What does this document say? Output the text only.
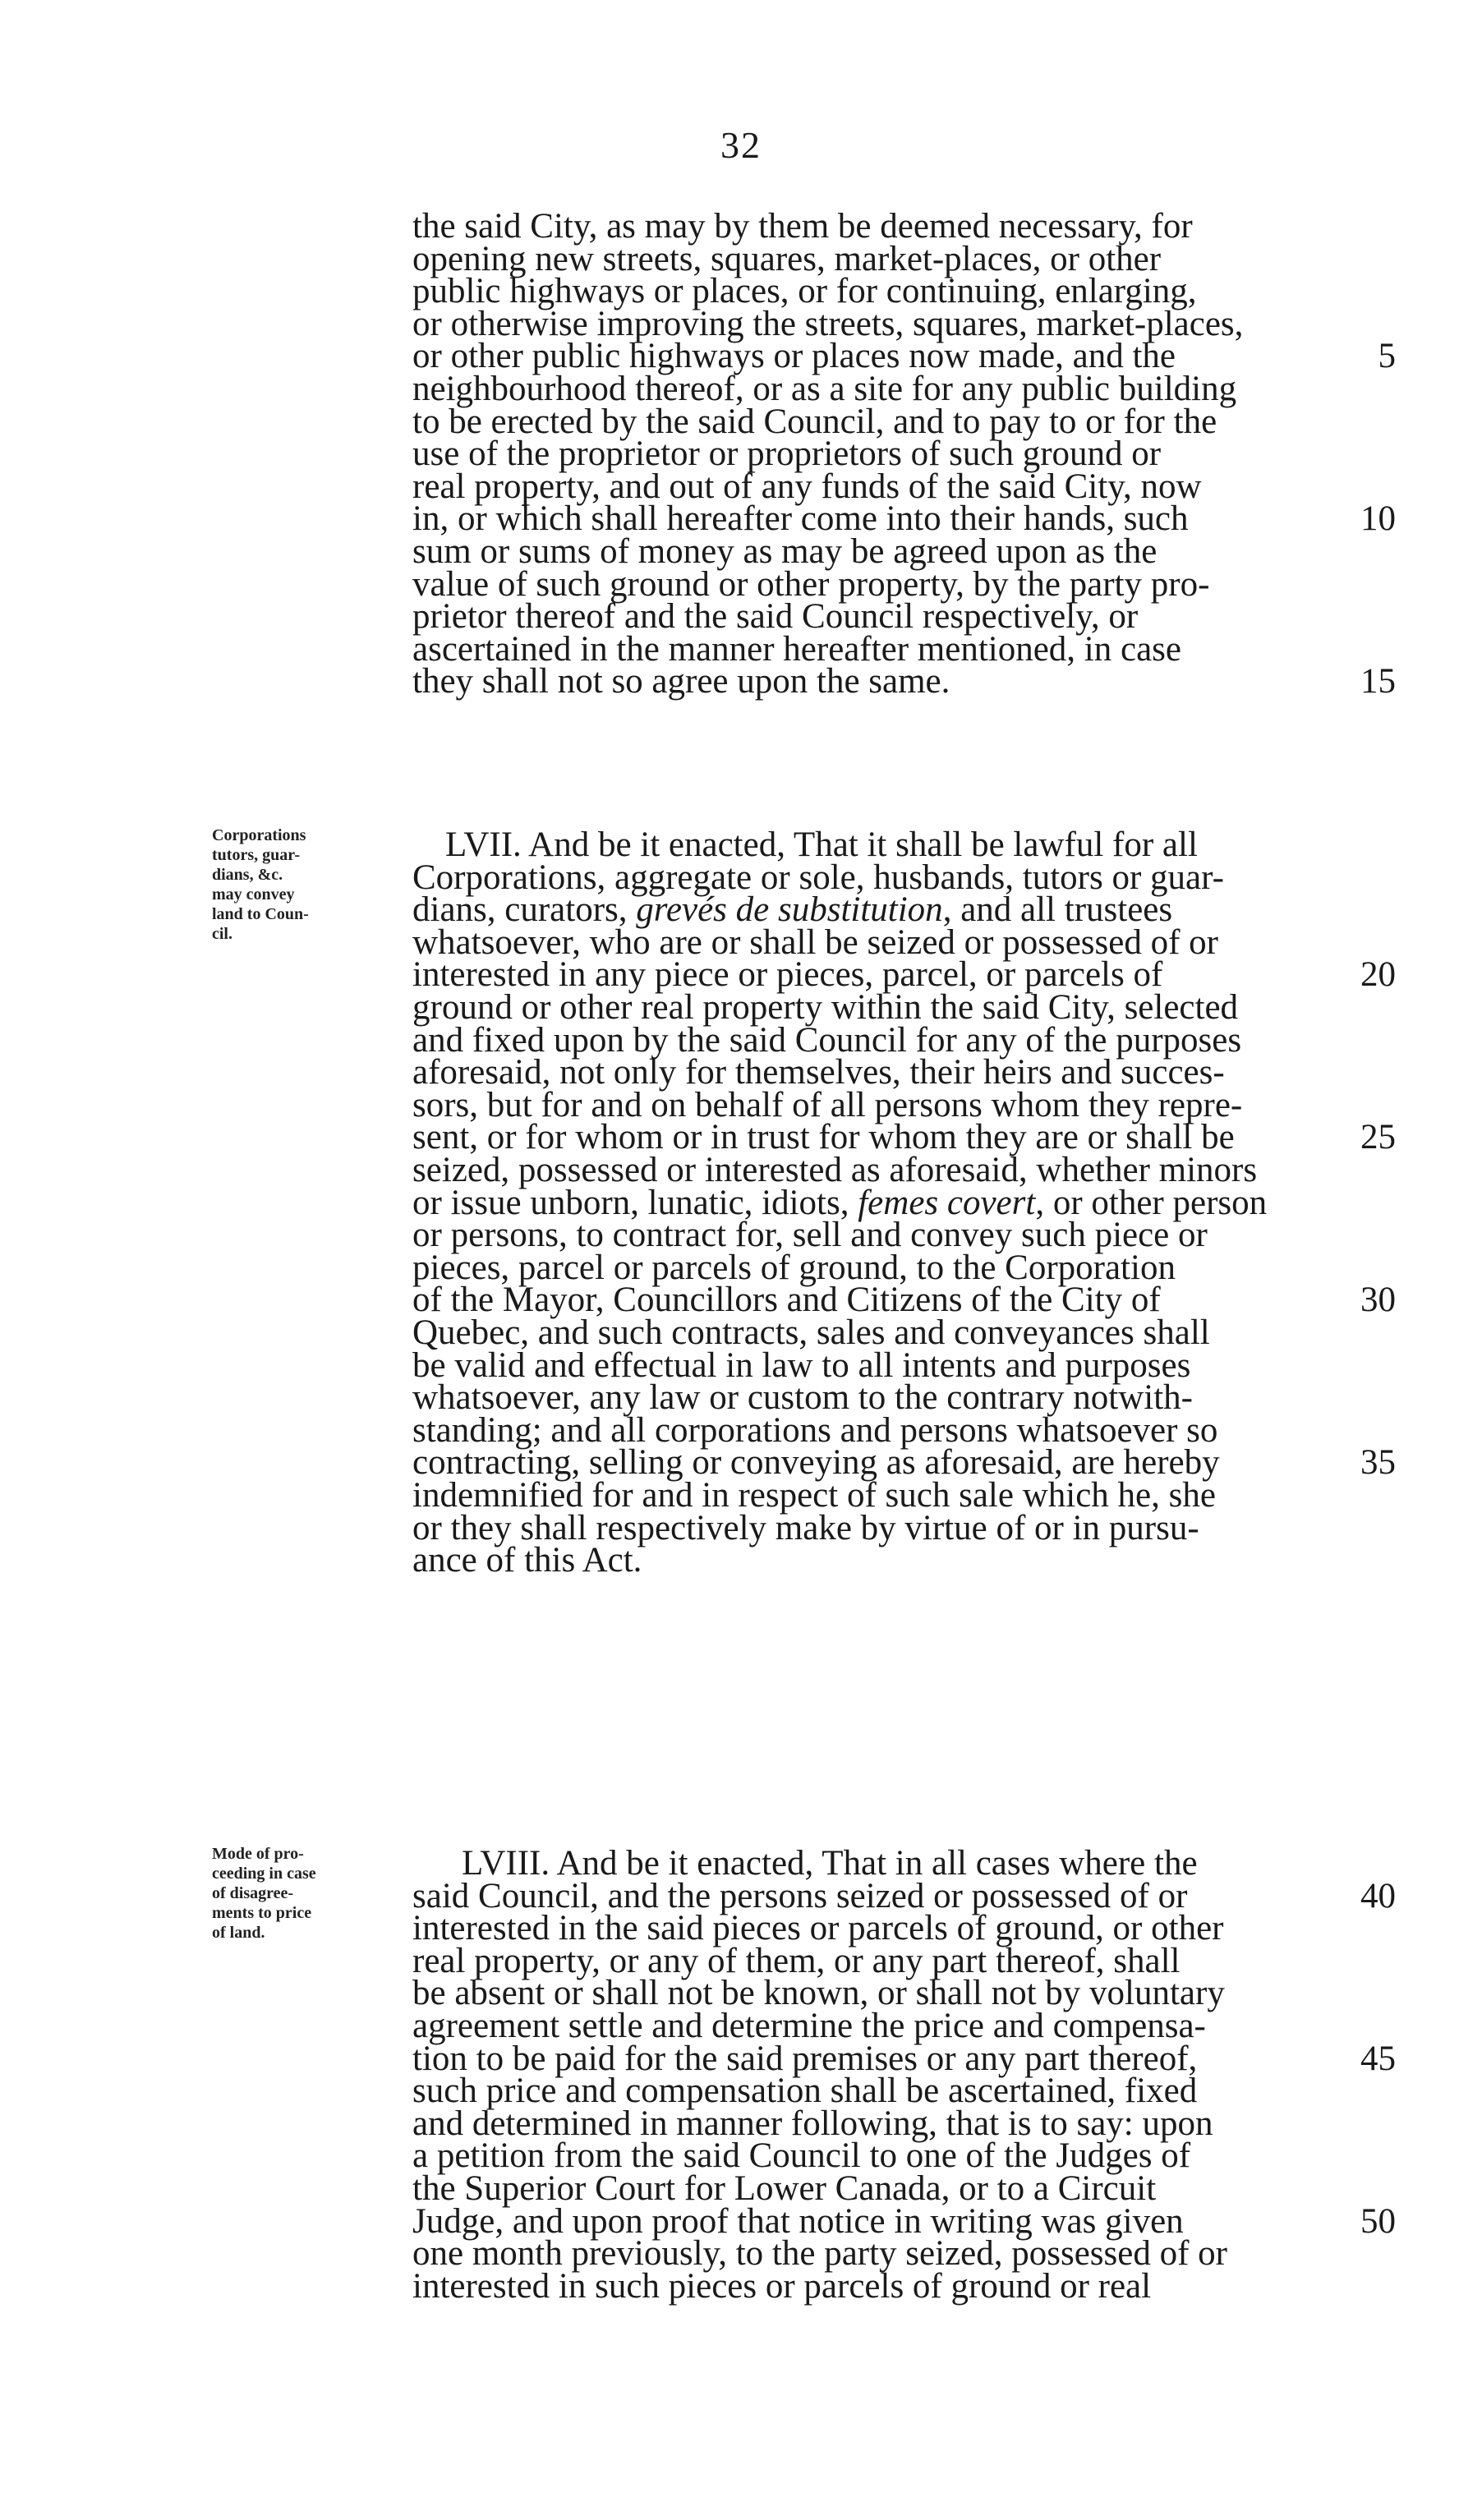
32
the said City, as may by them be deemed necessary, for
opening new streets, squares, market-places, or other
public highways or places, or for continuing, enlarging,
or otherwise improving the streets, squares, market-places,
or other public highways or places now made, and the	5
neighbourhood thereof, or as a site for any public building
to be erected by the said Council, and to pay to or for the
use of the proprietor or proprietors of such ground or
real property, and out of any funds of the said City, now
in, or which shall hereafter come into their hands, such	10
sum or sums of money as may be agreed upon as the
value of such ground or other property, by the party pro-
prietor thereof and the said Council respectively, or
ascertained in the manner hereafter mentioned, in case
they shall not so agree upon the same.	15
Corporations
tutors, guar-
dians, &c.
may convey
land to Coun-
cil.
LVII. And be it enacted, That it shall be lawful for all
Corporations, aggregate or sole, husbands, tutors or guar-
dians, curators, grevés de substitution, and all trustees
whatsoever, who are or shall be seized or possessed of or
interested in any piece or pieces, parcel, or parcels of	20
ground or other real property within the said City, selected
and fixed upon by the said Council for any of the purposes
aforesaid, not only for themselves, their heirs and succes-
sors, but for and on behalf of all persons whom they repre-
sent, or for whom or in trust for whom they are or shall be	25
seized, possessed or interested as aforesaid, whether minors
or issue unborn, lunatic, idiots, femes covert, or other person
or persons, to contract for, sell and convey such piece or
pieces, parcel or parcels of ground, to the Corporation
of the Mayor, Councillors and Citizens of the City of	30
Quebec, and such contracts, sales and conveyances shall
be valid and effectual in law to all intents and purposes
whatsoever, any law or custom to the contrary notwith-
standing; and all corporations and persons whatsoever so
contracting, selling or conveying as aforesaid, are hereby	35
indemnified for and in respect of such sale which he, she
or they shall respectively make by virtue of or in pursu-
ance of this Act.
Mode of pro-
ceeding in case
of disagree-
ments to price
of land.
LVIII. And be it enacted, That in all cases where the
said Council, and the persons seized or possessed of or	40
interested in the said pieces or parcels of ground, or other
real property, or any of them, or any part thereof, shall
be absent or shall not be known, or shall not by voluntary
agreement settle and determine the price and compensa-
tion to be paid for the said premises or any part thereof,	45
such price and compensation shall be ascertained, fixed
and determined in manner following, that is to say: upon
a petition from the said Council to one of the Judges of
the Superior Court for Lower Canada, or to a Circuit
Judge, and upon proof that notice in writing was given	50
one month previously, to the party seized, possessed of or
interested in such pieces or parcels of ground or real
